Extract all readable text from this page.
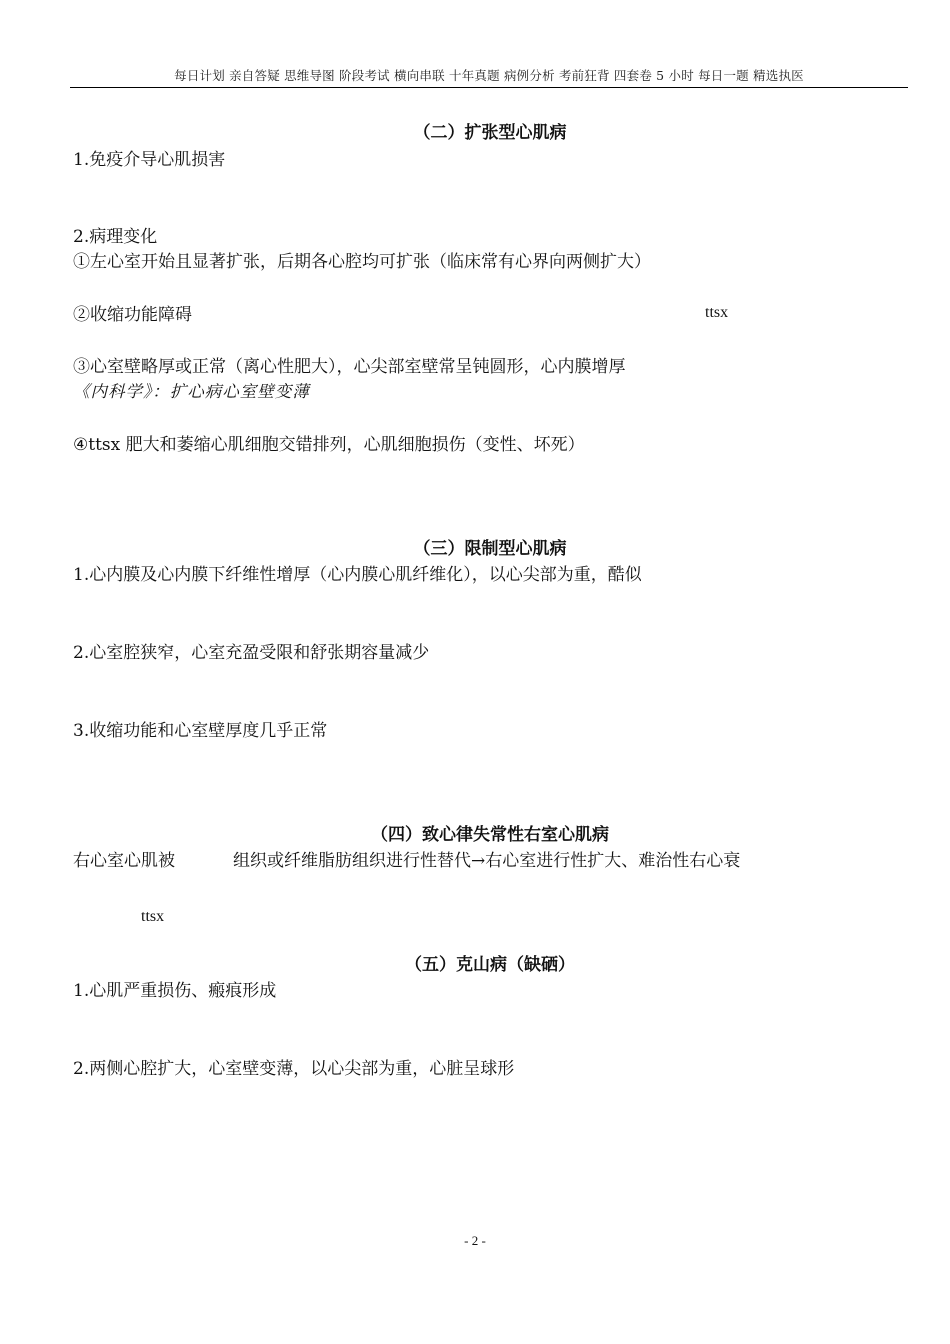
每日计划 亲自答疑 思维导图 阶段考试 横向串联 十年真题 病例分析 考前狂背 四套卷 5 小时 每日一题 精选执医
（二）扩张型心肌病
1.免疫介导心肌损害
2.病理变化
①左心室开始且显著扩张，后期各心腔均可扩张（临床常有心界向两侧扩大）
②收缩功能障碍	ttsx
③心室壁略厚或正常（离心性肥大），心尖部室壁常呈钝圆形，心内膜增厚
《内科学》：扩心病心室壁变薄
④ttsx 肥大和萎缩心肌细胞交错排列，心肌细胞损伤（变性、坏死）
（三）限制型心肌病
1.心内膜及心内膜下纤维性增厚（心内膜心肌纤维化），以心尖部为重，酷似
2.心室腔狭窄，心室充盈受限和舒张期容量减少
3.收缩功能和心室壁厚度几乎正常
（四）致心律失常性右室心肌病
右心室心肌被	组织或纤维脂肪组织进行性替代→右心室进行性扩大、难治性右心衰
ttsx
（五）克山病（缺硒）
1.心肌严重损伤、瘢痕形成
2.两侧心腔扩大，心室壁变薄，以心尖部为重，心脏呈球形
- 2 -
